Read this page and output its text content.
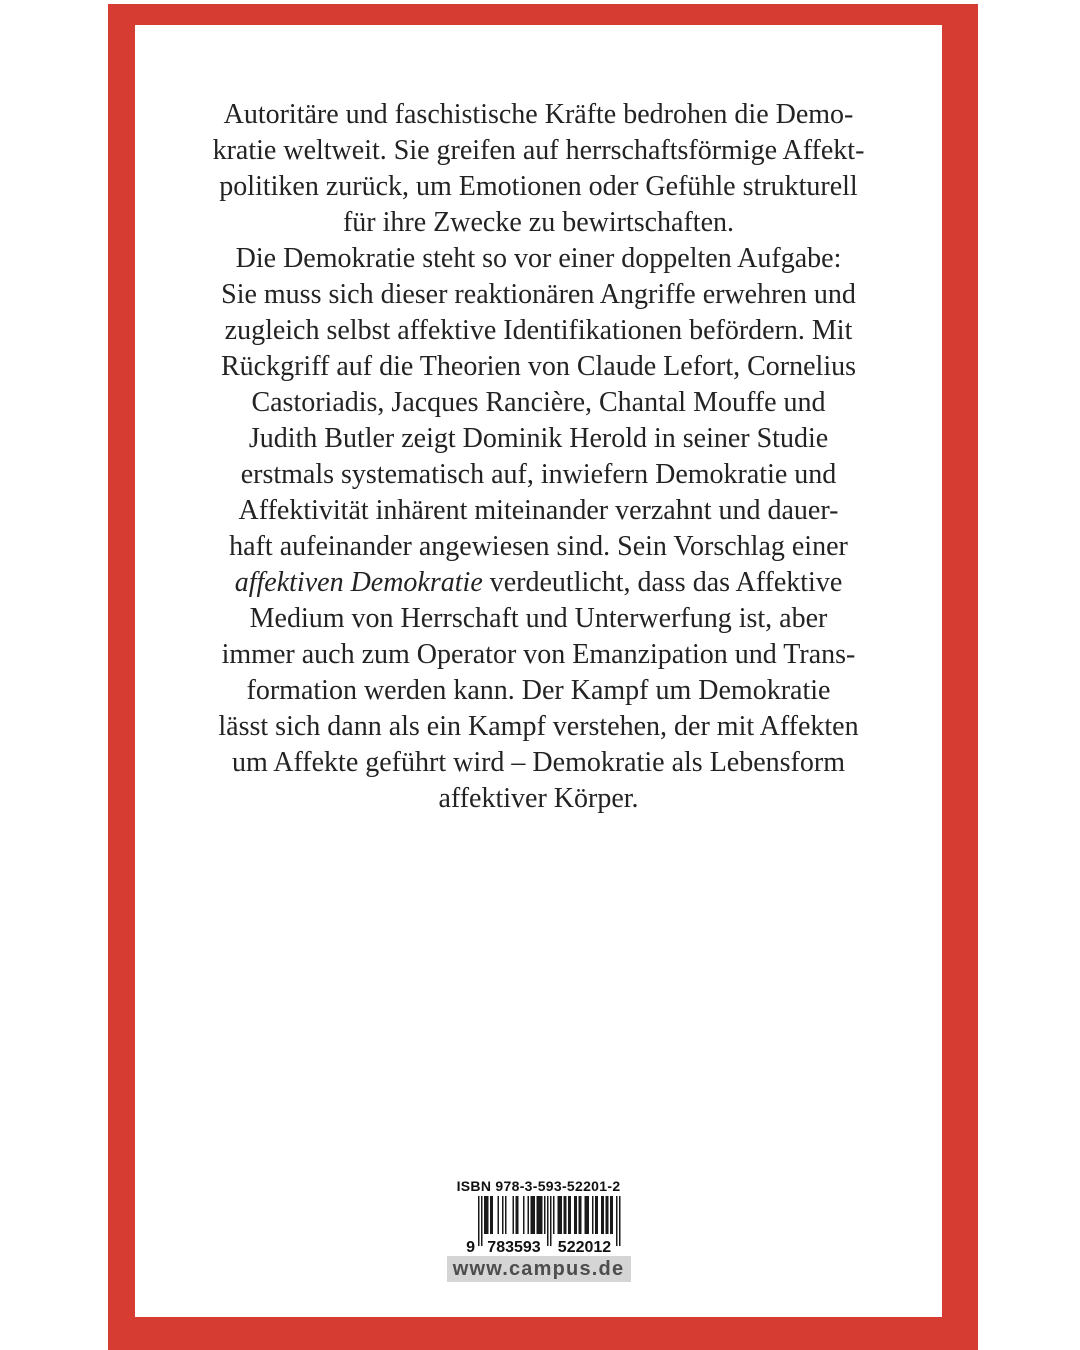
Autoritäre und faschistische Kräfte bedrohen die Demo-
kratie weltweit. Sie greifen auf herrschaftsförmige Affekt-
politiken zurück, um Emotionen oder Gefühle strukturell
für ihre Zwecke zu bewirtschaften.
Die Demokratie steht so vor einer doppelten Aufgabe:
Sie muss sich dieser reaktionären Angriffe erwehren und
zugleich selbst affektive Identifikationen befördern. Mit
Rückgriff auf die Theorien von Claude Lefort, Cornelius
Castoriadis, Jacques Rancière, Chantal Mouffe und
Judith Butler zeigt Dominik Herold in seiner Studie
erstmals systematisch auf, inwiefern Demokratie und
Affektivität inhärent miteinander verzahnt und dauer-
haft aufeinander angewiesen sind. Sein Vorschlag einer
affektiven Demokratie verdeutlicht, dass das Affektive
Medium von Herrschaft und Unterwerfung ist, aber
immer auch zum Operator von Emanzipation und Trans-
formation werden kann. Der Kampf um Demokratie
lässt sich dann als ein Kampf verstehen, der mit Affekten
um Affekte geführt wird – Demokratie als Lebensform
affektiver Körper.
ISBN 978-3-593-52201-2
9 783593 522012
www.campus.de
